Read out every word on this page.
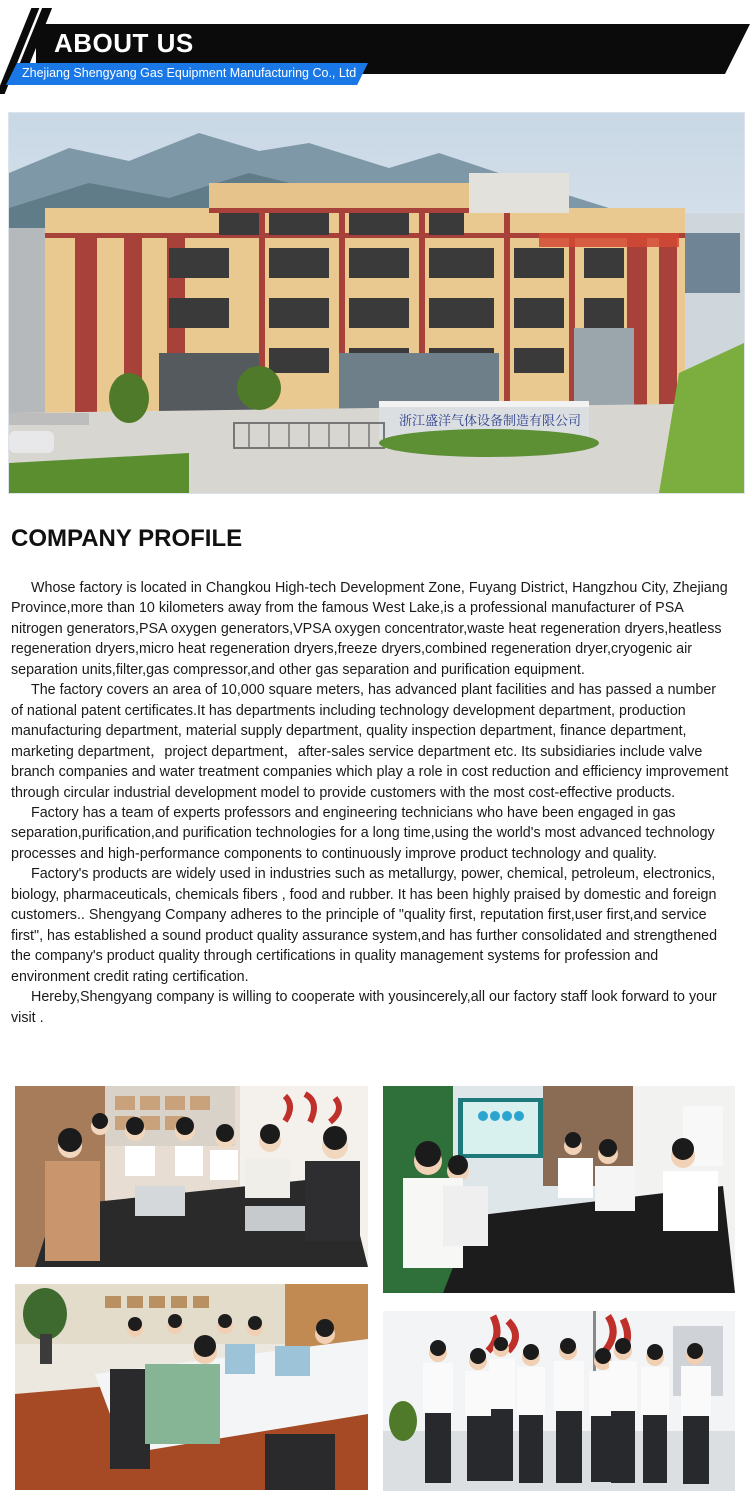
ABOUT US
Zhejiang Shengyang Gas Equipment Manufacturing Co., Ltd
浙江盛洋气体设备制造有限公司
COMPANY PROFILE

Whose factory is located in Changkou High-tech Development Zone, Fuyang District, Hangzhou City, Zhejiang Province,more than 10 kilometers away from the famous West Lake,is a professional manufacturer of PSA nitrogen generators,PSA oxygen generators,VPSA oxygen concentrator,waste heat regeneration dryers,heatless regeneration dryers,micro heat regeneration dryers,freeze dryers,combined regeneration dryer,cryogenic air separation units,filter,gas compressor,and other gas separation and purification equipment.

The factory covers an area of 10,000 square meters, has advanced plant facilities and has passed a number of national patent certificates.It has departments including technology development department, production manufacturing department, material supply department, quality inspection department, finance department, marketing department，project department，after-sales service department etc. Its subsidiaries include valve branch companies and water treatment companies which play a role in cost reduction and efficiency improvement through circular industrial development model to provide customers with the most cost-effective products.

Factory has a team of experts professors and engineering technicians who have been engaged in gas separation,purification,and purification technologies for a long time,using the world's most advanced technology processes and high-performance components to continuously improve product technology and quality.

Factory's products are widely used in industries such as metallurgy, power, chemical, petroleum, electronics, biology, pharmaceuticals, chemicals fibers , food and rubber. It has been highly praised by domestic and foreign customers.. Shengyang Company adheres to the principle of "quality first, reputation first,user first,and service first", has established a sound product quality assurance system,and has further consolidated and strengthened the company's product quality through certifications in quality management systems for profession and environment credit rating certification.

Hereby,Shengyang company is willing to cooperate with yousincerely,all our factory staff look forward to your visit .
